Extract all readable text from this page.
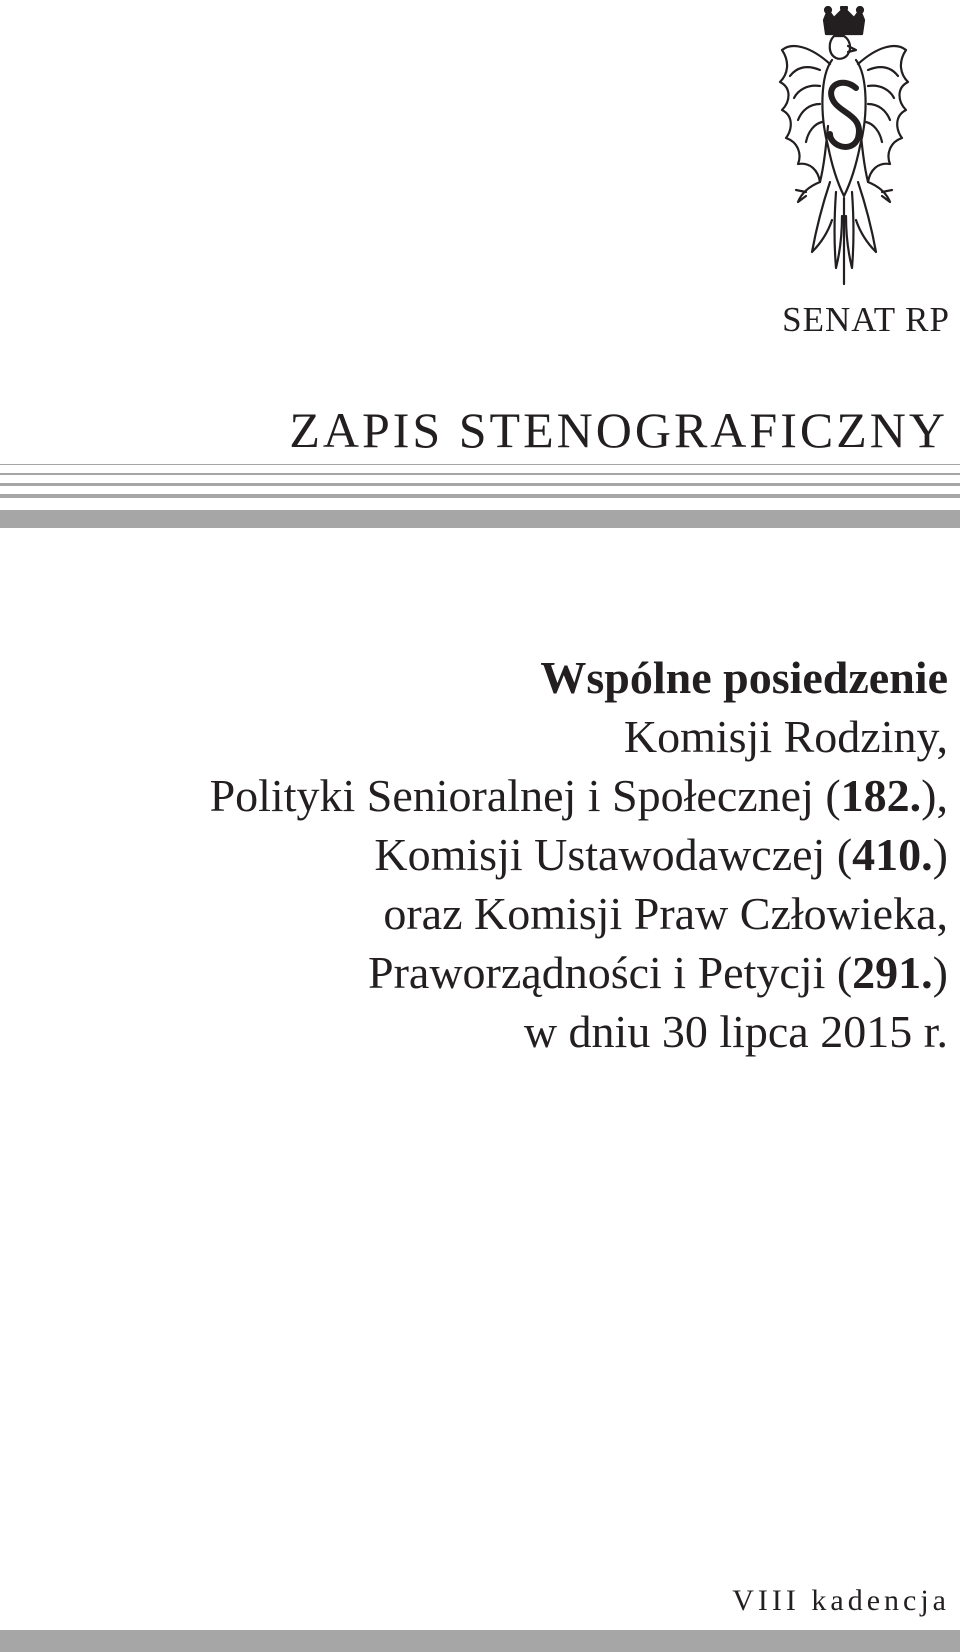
SENAT RP
ZAPIS STENOGRAFICZNY
Wspólne posiedzenie
Komisji Rodziny,
Polityki Senioralnej i Społecznej (182.),
Komisji Ustawodawczej (410.)
oraz Komisji Praw Człowieka,
Praworządności i Petycji (291.)
w dniu 30 lipca 2015 r.
VIII kadencja
